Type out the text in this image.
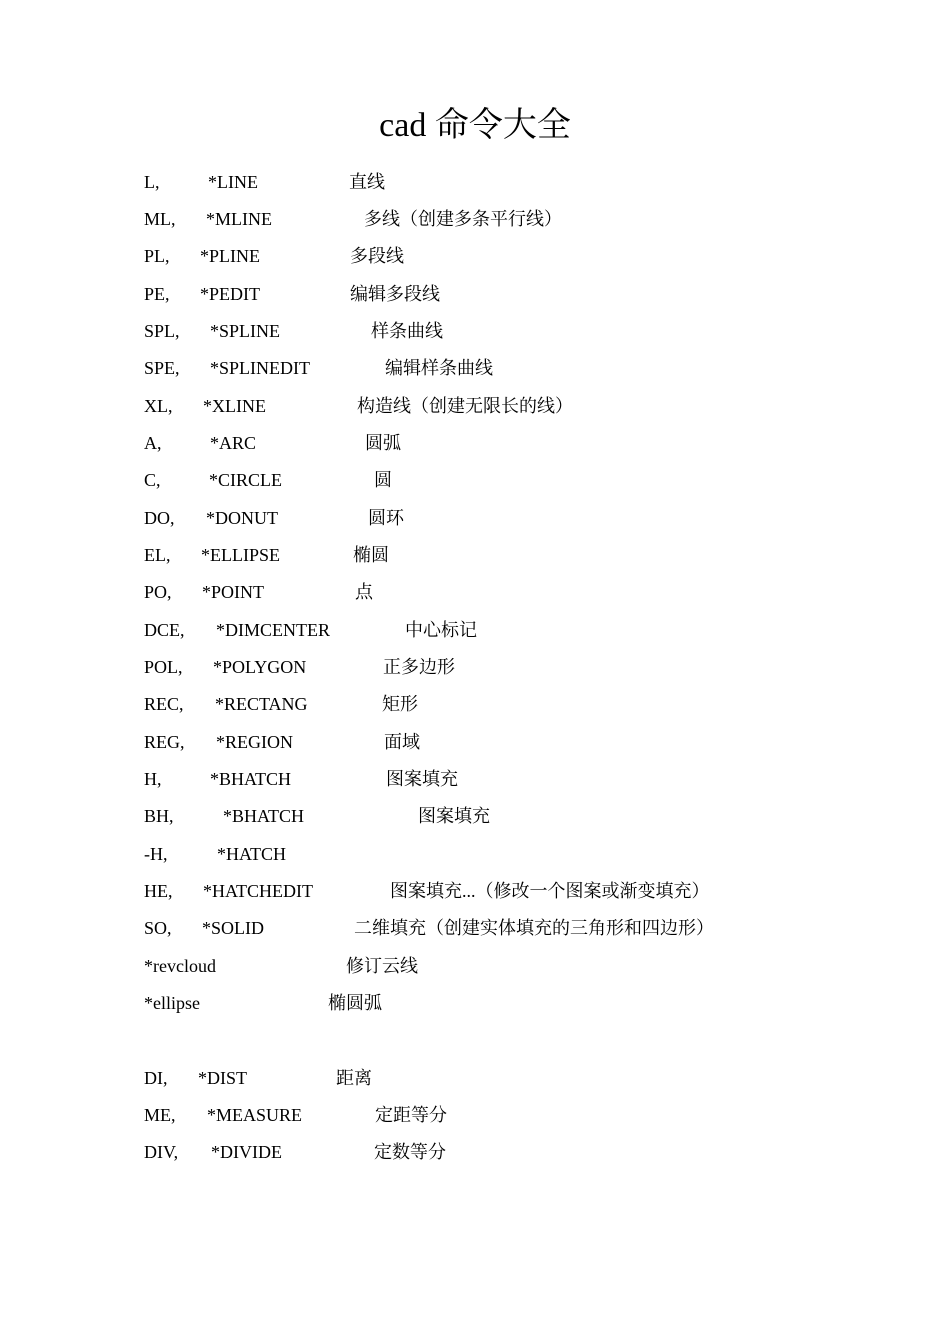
cad 命令大全
L,	*LINE	直线
ML, *MLINE	多线（创建多条平行线）
PL, *PLINE	多段线
PE, *PEDIT	编辑多段线
SPL, *SPLINE	样条曲线
SPE, *SPLINEDIT	编辑样条曲线
XL, *XLINE	构造线（创建无限长的线）
A,	*ARC	圆弧
C,	*CIRCLE	圆
DO, *DONUT	圆环
EL, *ELLIPSE	椭圆
PO, *POINT	点
DCE, *DIMCENTER	中心标记
POL, *POLYGON	正多边形
REC, *RECTANG	矩形
REG, *REGION	面域
H,	*BHATCH	图案填充
BH,	*BHATCH	图案填充
-H,	*HATCH
HE, *HATCHEDIT	图案填充...（修改一个图案或渐变填充）
SO, *SOLID	二维填充（创建实体填充的三角形和四边形）
*revcloud	修订云线
*ellipse	椭圆弧
DI, *DIST	距离
ME, *MEASURE	定距等分
DIV, *DIVIDE	定数等分
